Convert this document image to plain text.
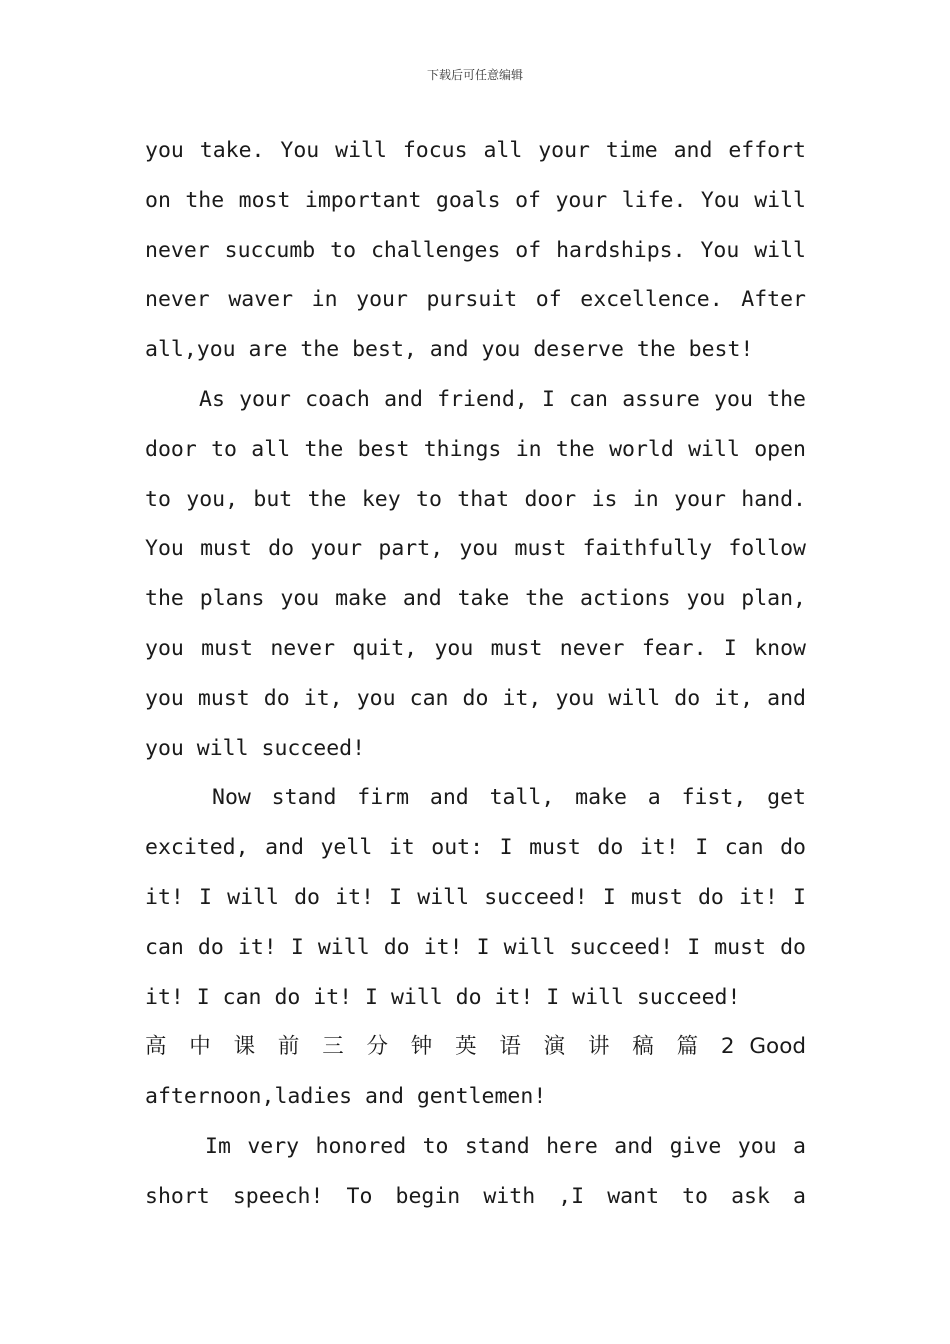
下载后可任意编辑
you take. You will focus all your time and effort
on the most important goals of your life. You will
never succumb to challenges of hardships. You will
never waver in your pursuit of excellence. After
all,you are the best, and you deserve the best!
As your coach and friend, I can assure you the
door to all the best things in the world will open
to you, but the key to that door is in your hand.
You must do your part, you must faithfully follow
the plans you make and take the actions you plan,
you must never quit, you must never fear. I know
you must do it, you can do it, you will do it, and
you will succeed!
Now stand firm and tall, make a fist, get
excited, and yell it out: I must do it! I can do
it! I will do it! I will succeed! I must do it! I
can do it! I will do it! I will succeed! I must do
it! I can do it! I will do it! I will succeed!
高 中 课 前 三 分 钟 英 语 演 讲 稿 篇 2 Good
afternoon,ladies and gentlemen!
Im very honored to stand here and give you a
short speech! To begin with ,I want to ask a
